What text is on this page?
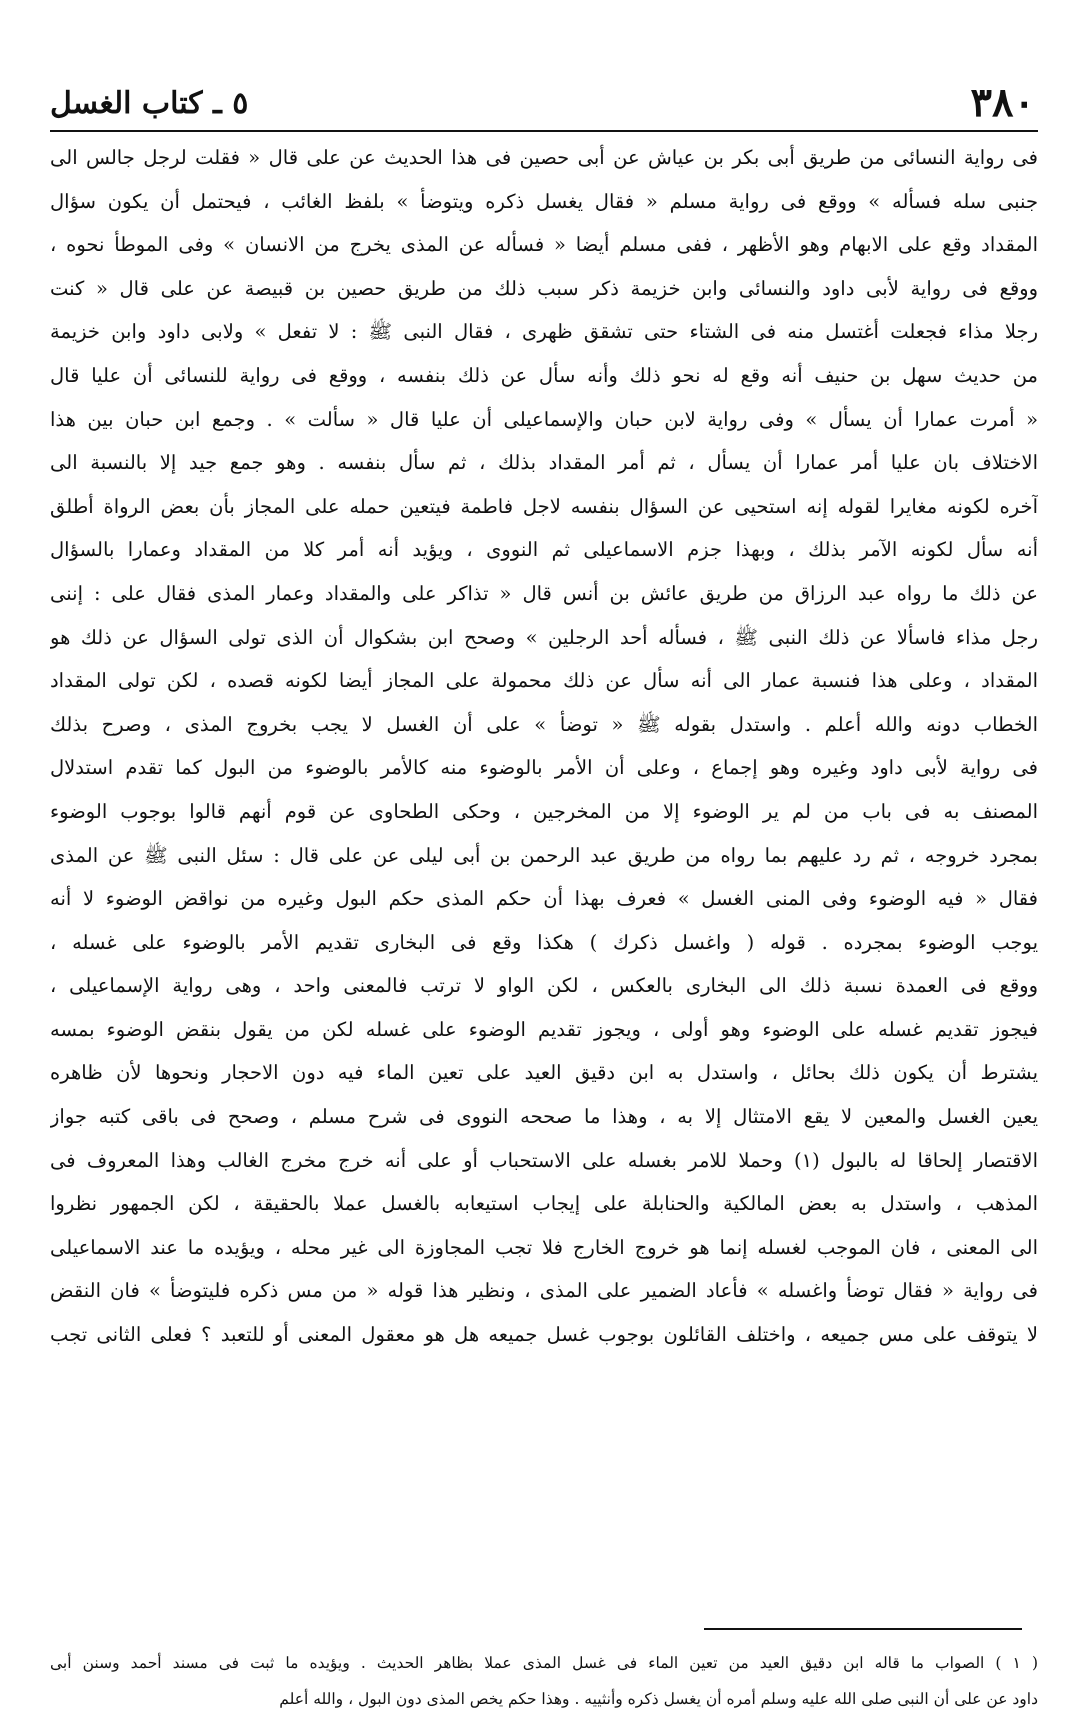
٣٨٠
٥ ـ كتاب الغسل
فى رواية النسائى من طريق أبى بكر بن عياش عن أبى حصين فى هذا الحديث عن على قال « فقلت لرجل جالس الى
جنبى سله فسأله » ووقع فى رواية مسلم « فقال يغسل ذكره ويتوضأ » بلفظ الغائب ، فيحتمل أن يكون سؤال
المقداد وقع على الابهام وهو الأظهر ، ففى مسلم أيضا « فسأله عن المذى يخرج من الانسان » وفى الموطأ نحوه ،
ووقع فى رواية لأبى داود والنسائى وابن خزيمة ذكر سبب ذلك من طريق حصين بن قبيصة عن على قال « كنت
رجلا مذاء فجعلت أغتسل منه فى الشتاء حتى تشقق ظهرى ، فقال النبى ﷺ : لا تفعل » ولابى داود وابن خزيمة
من حديث سهل بن حنيف أنه وقع له نحو ذلك وأنه سأل عن ذلك بنفسه ، ووقع فى رواية للنسائى أن عليا قال
« أمرت عمارا أن يسأل » وفى رواية لابن حبان والإسماعيلى أن عليا قال « سألت » . وجمع ابن حبان بين هذا
الاختلاف بان عليا أمر عمارا أن يسأل ، ثم أمر المقداد بذلك ، ثم سأل بنفسه . وهو جمع جيد إلا بالنسبة الى
آخره لكونه مغايرا لقوله إنه استحيى عن السؤال بنفسه لاجل فاطمة فيتعين حمله على المجاز بأن بعض الرواة أطلق
أنه سأل لكونه الآمر بذلك ، وبهذا جزم الاسماعيلى ثم النووى ، ويؤيد أنه أمر كلا من المقداد وعمارا بالسؤال
عن ذلك ما رواه عبد الرزاق من طريق عائش بن أنس قال « تذاكر على والمقداد وعمار المذى فقال على : إننى
رجل مذاء فاسألا عن ذلك النبى ﷺ ، فسأله أحد الرجلين » وصحح ابن بشكوال أن الذى تولى السؤال عن ذلك هو
المقداد ، وعلى هذا فنسبة عمار الى أنه سأل عن ذلك محمولة على المجاز أيضا لكونه قصده ، لكن تولى المقداد
الخطاب دونه والله أعلم . واستدل بقوله ﷺ « توضأ » على أن الغسل لا يجب بخروج المذى ، وصرح بذلك
فى رواية لأبى داود وغيره وهو إجماع ، وعلى أن الأمر بالوضوء منه كالأمر بالوضوء من البول كما تقدم استدلال
المصنف به فى باب من لم ير الوضوء إلا من المخرجين ، وحكى الطحاوى عن قوم أنهم قالوا بوجوب الوضوء
بمجرد خروجه ، ثم رد عليهم بما رواه من طريق عبد الرحمن بن أبى ليلى عن على قال : سئل النبى ﷺ عن المذى
فقال « فيه الوضوء وفى المنى الغسل » فعرف بهذا أن حكم المذى حكم البول وغيره من نواقض الوضوء لا أنه
يوجب الوضوء بمجرده . قوله ( واغسل ذكرك ) هكذا وقع فى البخارى تقديم الأمر بالوضوء على غسله ،
ووقع فى العمدة نسبة ذلك الى البخارى بالعكس ، لكن الواو لا ترتب فالمعنى واحد ، وهى رواية الإسماعيلى ،
فيجوز تقديم غسله على الوضوء وهو أولى ، ويجوز تقديم الوضوء على غسله لكن من يقول بنقض الوضوء بمسه
يشترط أن يكون ذلك بحائل ، واستدل به ابن دقيق العيد على تعين الماء فيه دون الاحجار ونحوها لأن ظاهره
يعين الغسل والمعين لا يقع الامتثال إلا به ، وهذا ما صححه النووى فى شرح مسلم ، وصحح فى باقى كتبه جواز
الاقتصار إلحاقا له بالبول (١) وحملا للامر بغسله على الاستحباب أو على أنه خرج مخرج الغالب وهذا المعروف فى
المذهب ، واستدل به بعض المالكية والحنابلة على إيجاب استيعابه بالغسل عملا بالحقيقة ، لكن الجمهور نظروا
الى المعنى ، فان الموجب لغسله إنما هو خروج الخارج فلا تجب المجاوزة الى غير محله ، ويؤيده ما عند الاسماعيلى
فى رواية « فقال توضأ واغسله » فأعاد الضمير على المذى ، ونظير هذا قوله « من مس ذكره فليتوضأ » فان النقض
لا يتوقف على مس جميعه ، واختلف القائلون بوجوب غسل جميعه هل هو معقول المعنى أو للتعبد ؟ فعلى الثانى تجب
( ١ ) الصواب ما قاله ابن دقيق العيد من تعين الماء فى غسل المذى عملا بظاهر الحديث . ويؤيده ما ثبت فى مسند أحمد وسنن أبى
داود عن على أن النبى صلى الله عليه وسلم أمره أن يغسل ذكره وأنثييه . وهذا حكم يخص المذى دون البول ، والله أعلم
